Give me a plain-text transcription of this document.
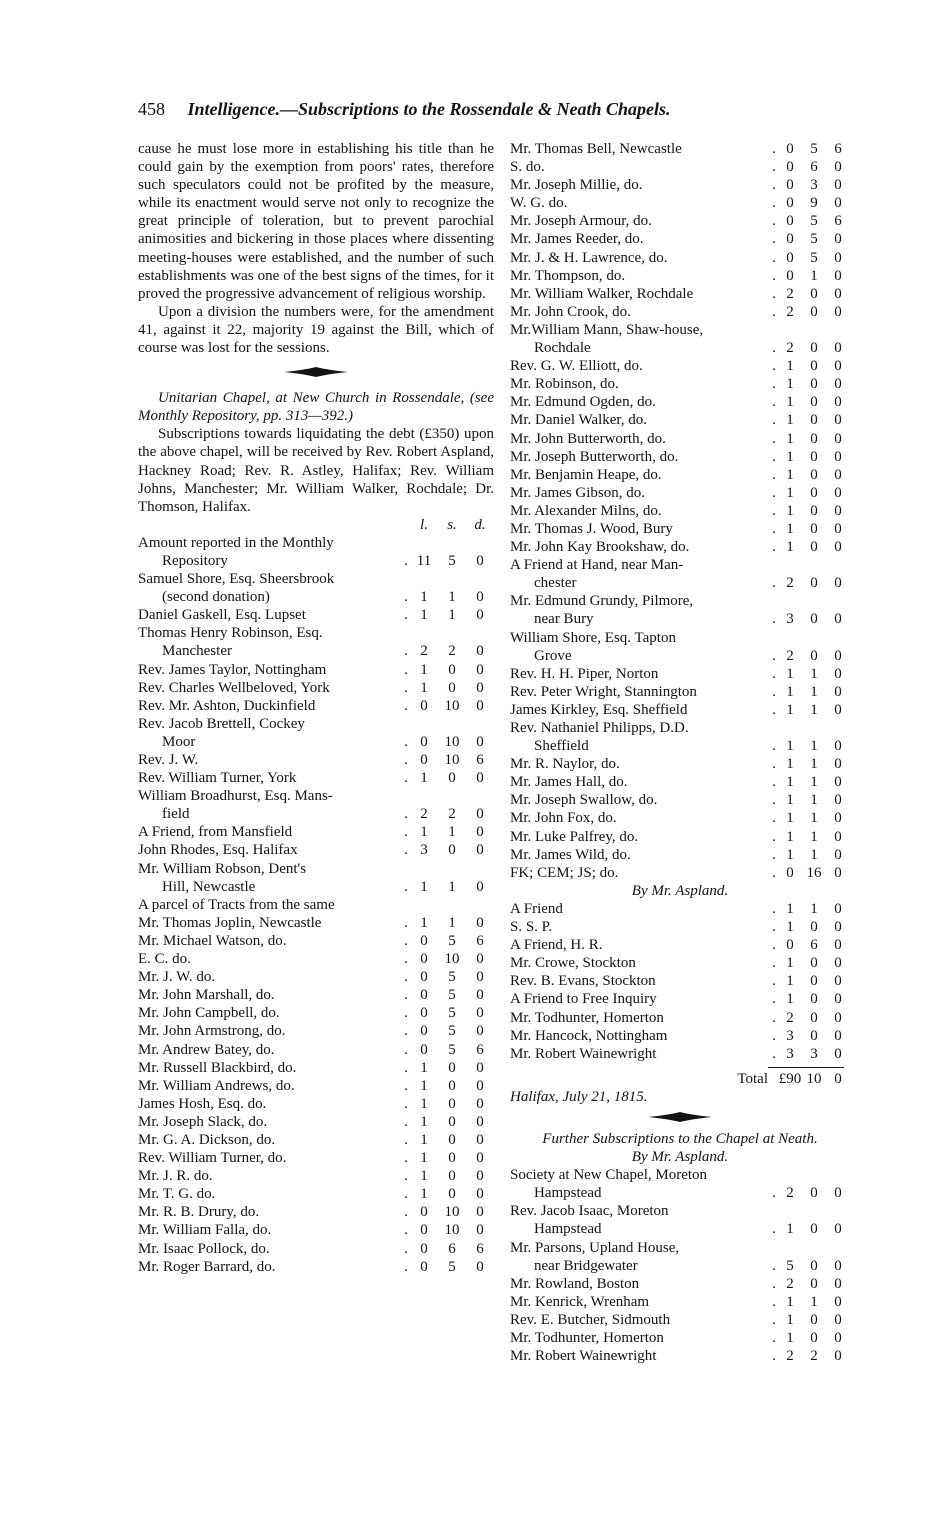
458 Intelligence.—Subscriptions to the Rossendale & Neath Chapels.

cause he must lose more in establishing his title than he could gain by the exemption from poors' rates, therefore such speculators could not be profited by the measure, while its enactment would serve not only to recognize the great principle of toleration, but to prevent parochial animosities and bickering in those places where dissenting meeting-houses were established, and the number of such establishments was one of the best signs of the times, for it proved the progressive advancement of religious worship.

Upon a division the numbers were, for the amendment 41, against it 22, majority 19 against the Bill, which of course was lost for the sessions.

Unitarian Chapel, at New Church in Rossendale, (see Monthly Repository, pp. 313—392.)

Subscriptions towards liquidating the debt (£350) upon the above chapel, will be received by Rev. Robert Aspland, Hackney Road; Rev. R. Astley, Halifax; Rev. William Johns, Manchester; Mr. William Walker, Rochdale; Dr. Thomson, Halifax.

l.	s.	d.
Amount reported in the Monthly
Repository	. 11	5	0
Samuel Shore, Esq. Sheersbrook
(second donation)	. 1	1	0
Daniel Gaskell, Esq. Lupset	. 1	1	0
Thomas Henry Robinson, Esq.
Manchester	. 2	2	0
Rev. James Taylor, Nottingham	. 1	0	0
Rev. Charles Wellbeloved, York	. 1	0	0
Rev. Mr. Ashton, Duckinfield	. 0	10	0
Rev. Jacob Brettell, Cockey
Moor	. 0	10	0
Rev. J. W.	. 0	10	6
Rev. William Turner, York	. 1	0	0
William Broadhurst, Esq. Mans-
field	. 2	2	0
A Friend, from Mansfield	. 1	1	0
John Rhodes, Esq. Halifax	. 3	0	0
Mr. William Robson, Dent's
Hill, Newcastle	. 1	1	0
A parcel of Tracts from the same
Mr. Thomas Joplin, Newcastle	. 1	1	0
Mr. Michael Watson, do.	. 0	5	6
E. C. do.	. 0	10	0
Mr. J. W. do.	. 0	5	0
Mr. John Marshall, do.	. 0	5	0
Mr. John Campbell, do.	. 0	5	0
Mr. John Armstrong, do.	. 0	5	0
Mr. Andrew Batey, do.	. 0	5	6
Mr. Russell Blackbird, do.	. 1	0	0
Mr. William Andrews, do.	. 1	0	0
James Hosh, Esq. do.	. 1	0	0
Mr. Joseph Slack, do.	. 1	0	0
Mr. G. A. Dickson, do.	. 1	0	0
Rev. William Turner, do.	. 1	0	0
Mr. J. R. do.	. 1	0	0
Mr. T. G. do.	. 1	0	0
Mr. R. B. Drury, do.	. 0	10	0
Mr. William Falla, do.	. 0	10	0
Mr. Isaac Pollock, do.	. 0	6	6
Mr. Roger Barrard, do.	. 0	5	0
Mr. Thomas Bell, Newcastle	. 0	5	6
S. do.	. 0	6	0
Mr. Joseph Millie, do.	. 0	3	0
W. G. do.	. 0	9	0
Mr. Joseph Armour, do.	. 0	5	6
Mr. James Reeder, do.	. 0	5	0
Mr. J. & H. Lawrence, do.	. 0	5	0
Mr. Thompson, do.	. 0	1	0
Mr. William Walker, Rochdale	. 2	0	0
Mr. John Crook, do.	. 2	0	0
Mr.William Mann, Shaw-house,
Rochdale	. 2	0	0
Rev. G. W. Elliott, do.	. 1	0	0
Mr. Robinson, do.	. 1	0	0
Mr. Edmund Ogden, do.	. 1	0	0
Mr. Daniel Walker, do.	. 1	0	0
Mr. John Butterworth, do.	. 1	0	0
Mr. Joseph Butterworth, do.	. 1	0	0
Mr. Benjamin Heape, do.	. 1	0	0
Mr. James Gibson, do.	. 1	0	0
Mr. Alexander Milns, do.	. 1	0	0
Mr. Thomas J. Wood, Bury	. 1	0	0
Mr. John Kay Brookshaw, do.	. 1	0	0
A Friend at Hand, near Man-
chester	. 2	0	0
Mr. Edmund Grundy, Pilmore,
near Bury	. 3	0	0
William Shore, Esq. Tapton
Grove	. 2	0	0
Rev. H. H. Piper, Norton	. 1	1	0
Rev. Peter Wright, Stannington	. 1	1	0
James Kirkley, Esq. Sheffield	. 1	1	0
Rev. Nathaniel Philipps, D.D.
Sheffield	. 1	1	0
Mr. R. Naylor, do.	. 1	1	0
Mr. James Hall, do.	. 1	1	0
Mr. Joseph Swallow, do.	. 1	1	0
Mr. John Fox, do.	. 1	1	0
Mr. Luke Palfrey, do.	. 1	1	0
Mr. James Wild, do.	. 1	1	0
FK; CEM; JS; do.	. 0 16 0
By Mr. Aspland.
A Friend	. 1	1	0
S. S. P.	. 1	0	0
A Friend, H. R.	. 0	6	0
Mr. Crowe, Stockton	. 1	0	0
Rev. B. Evans, Stockton	. 1	0	0
A Friend to Free Inquiry	. 1	0	0
Mr. Todhunter, Homerton	. 2	0	0
Mr. Hancock, Nottingham	. 3	0	0
Mr. Robert Wainewright	. 3	3	0
Total £90 10 0
Halifax, July 21, 1815.
Further Subscriptions to the Chapel at Neath.
By Mr. Aspland.
Society at New Chapel, Moreton
Hampstead	. 2	0	0
Rev. Jacob Isaac, Moreton
Hampstead	. 1	0	0
Mr. Parsons, Upland House,
near Bridgewater	. 5	0	0
Mr. Rowland, Boston	. 2	0	0
Mr. Kenrick, Wrenham	. 1	1	0
Rev. E. Butcher, Sidmouth	. 1	0	0
Mr. Todhunter, Homerton	. 1	0	0
Mr. Robert Wainewright	. 2	2	0
